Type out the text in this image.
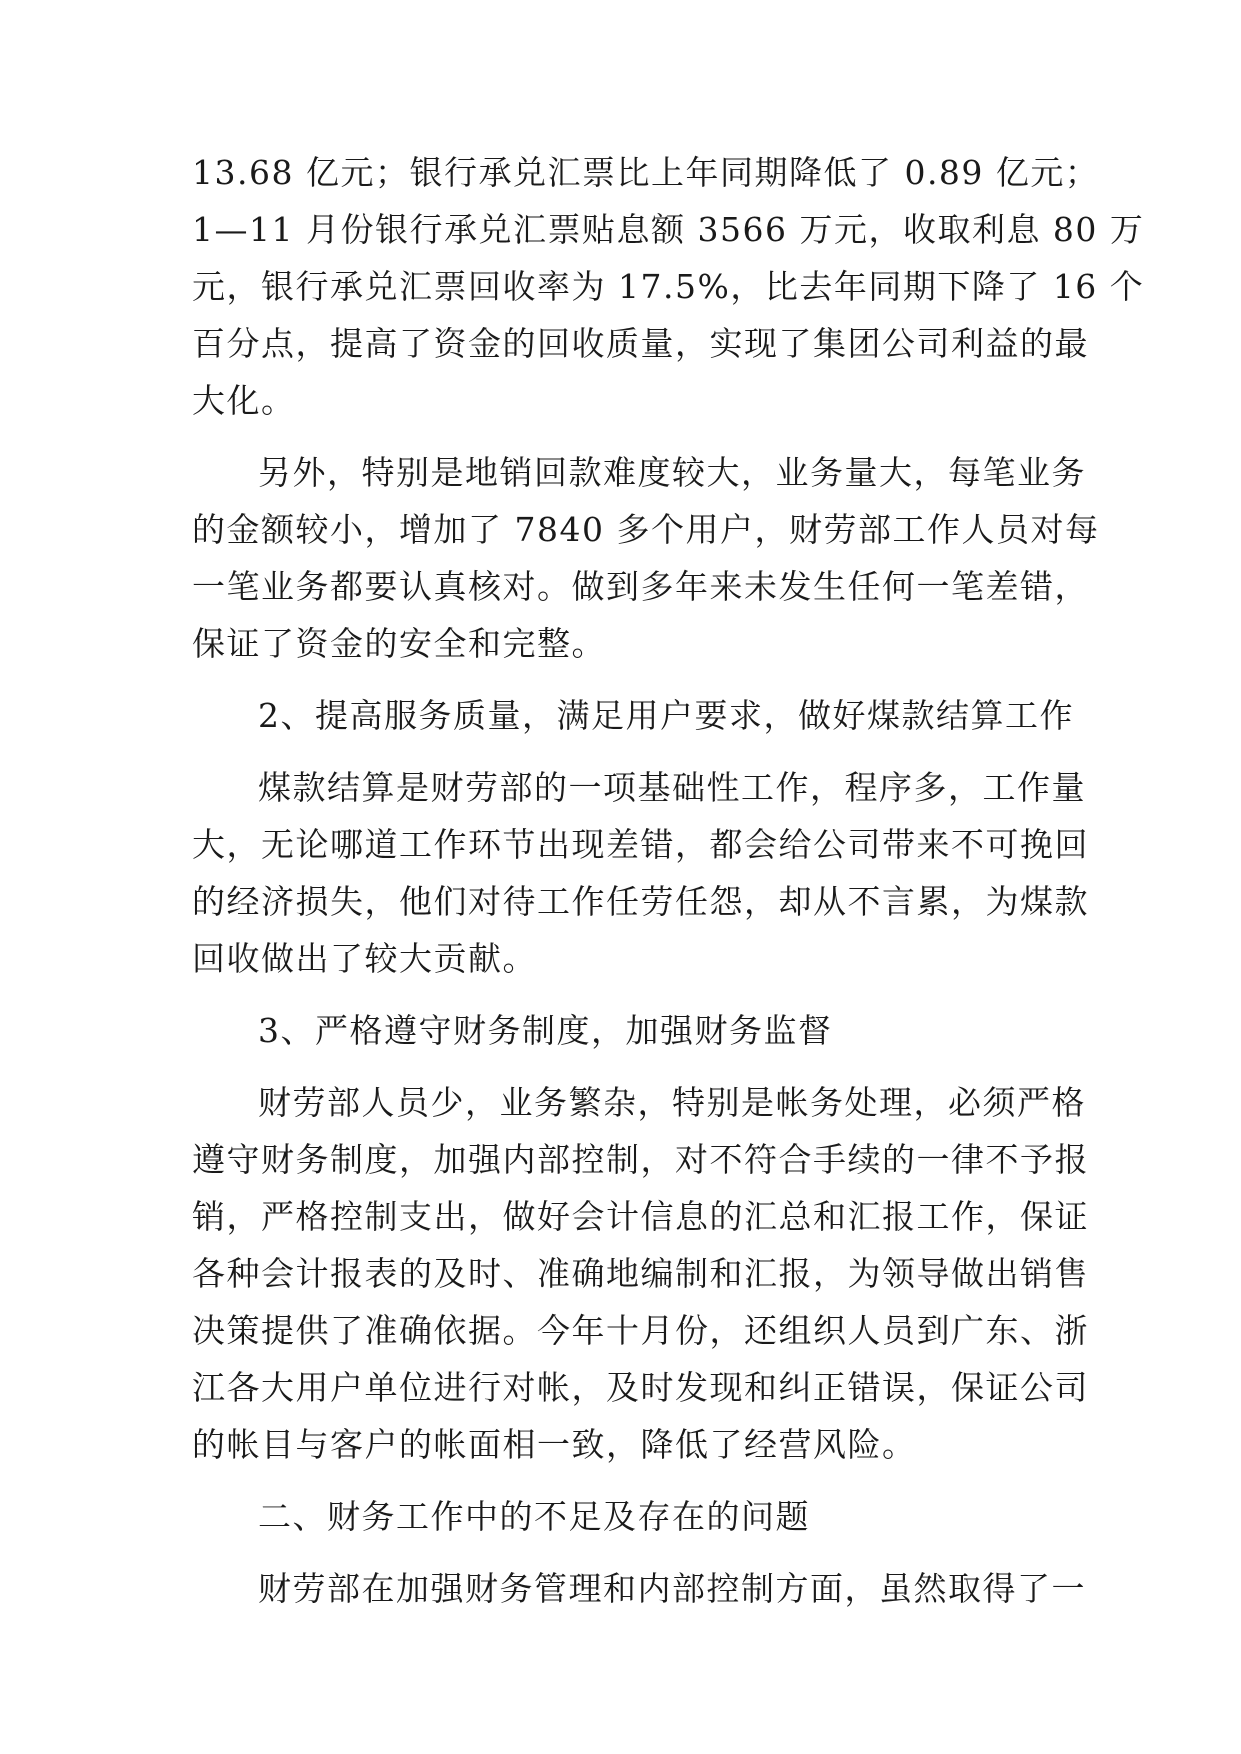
13.68 亿元；银行承兑汇票比上年同期降低了 0.89 亿元；
1—11 月份银行承兑汇票贴息额 3566 万元，收取利息 80 万
元，银行承兑汇票回收率为 17.5%，比去年同期下降了 16 个
百分点，提高了资金的回收质量，实现了集团公司利益的最
大化。
另外，特别是地销回款难度较大，业务量大，每笔业务
的金额较小，增加了 7840 多个用户，财劳部工作人员对每
一笔业务都要认真核对。做到多年来未发生任何一笔差错，
保证了资金的安全和完整。
2、提高服务质量，满足用户要求，做好煤款结算工作
煤款结算是财劳部的一项基础性工作，程序多，工作量
大，无论哪道工作环节出现差错，都会给公司带来不可挽回
的经济损失，他们对待工作任劳任怨，却从不言累，为煤款
回收做出了较大贡献。
3、严格遵守财务制度，加强财务监督
财劳部人员少，业务繁杂，特别是帐务处理，必须严格
遵守财务制度，加强内部控制，对不符合手续的一律不予报
销，严格控制支出，做好会计信息的汇总和汇报工作，保证
各种会计报表的及时、准确地编制和汇报，为领导做出销售
决策提供了准确依据。今年十月份，还组织人员到广东、浙
江各大用户单位进行对帐，及时发现和纠正错误，保证公司
的帐目与客户的帐面相一致，降低了经营风险。
二、财务工作中的不足及存在的问题
财劳部在加强财务管理和内部控制方面，虽然取得了一
